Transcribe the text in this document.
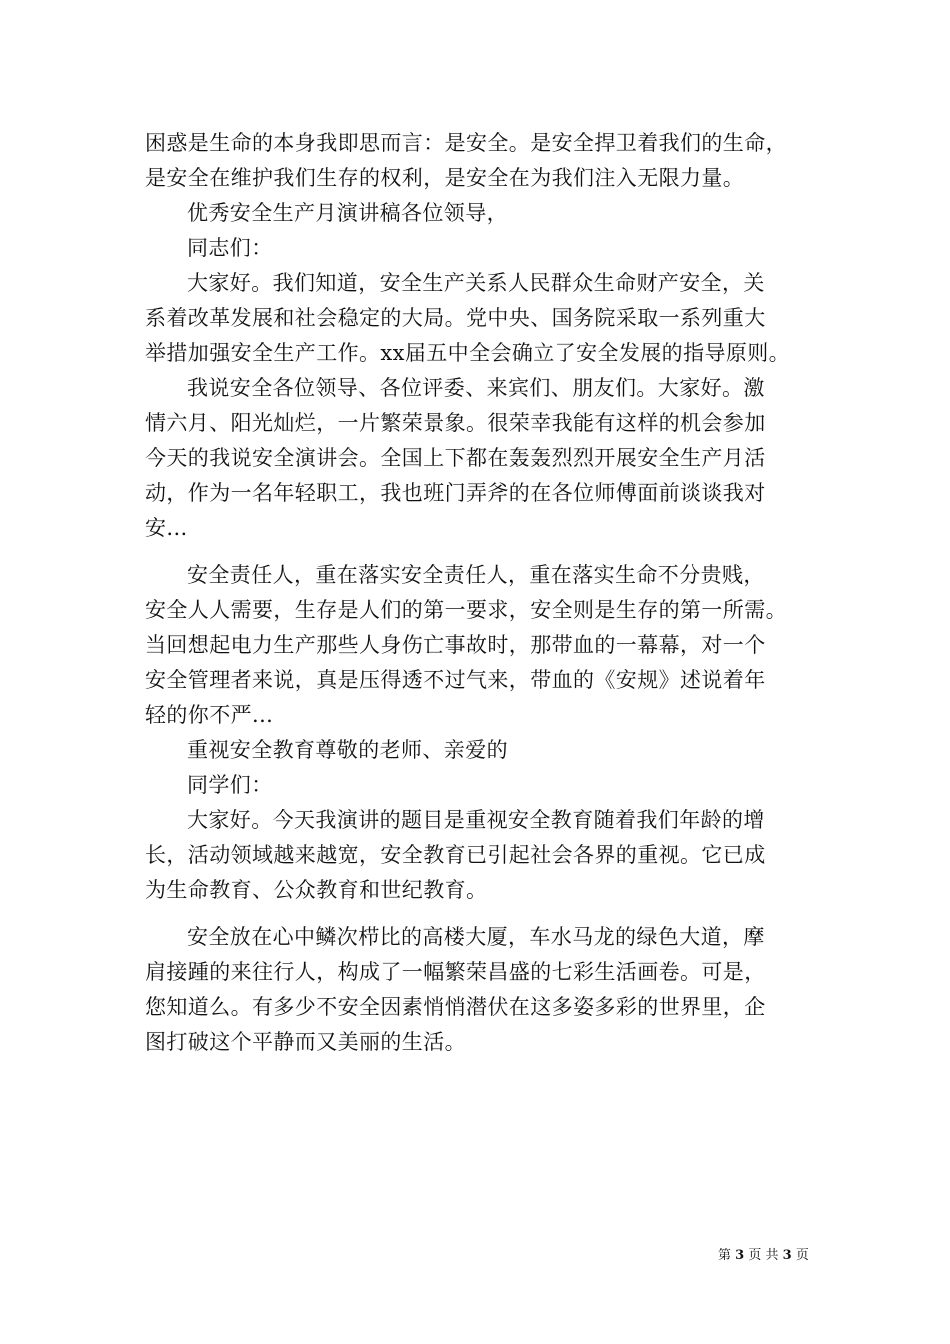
困惑是生命的本身我即思而言：是安全。是安全捍卫着我们的生命，
是安全在维护我们生存的权利，是安全在为我们注入无限力量。
优秀安全生产月演讲稿各位领导，
同志们：
大家好。我们知道，安全生产关系人民群众生命财产安全，关
系着改革发展和社会稳定的大局。党中央、国务院采取一系列重大
举措加强安全生产工作。xx届五中全会确立了安全发展的指导原则。
我说安全各位领导、各位评委、来宾们、朋友们。大家好。激
情六月、阳光灿烂，一片繁荣景象。很荣幸我能有这样的机会参加
今天的我说安全演讲会。全国上下都在轰轰烈烈开展安全生产月活
动，作为一名年轻职工，我也班门弄斧的在各位师傅面前谈谈我对
安...
安全责任人，重在落实安全责任人，重在落实生命不分贵贱，
安全人人需要，生存是人们的第一要求，安全则是生存的第一所需。
当回想起电力生产那些人身伤亡事故时，那带血的一幕幕，对一个
安全管理者来说，真是压得透不过气来，带血的《安规》述说着年
轻的你不严...
重视安全教育尊敬的老师、亲爱的
同学们：
大家好。今天我演讲的题目是重视安全教育随着我们年龄的增
长，活动领域越来越宽，安全教育已引起社会各界的重视。它已成
为生命教育、公众教育和世纪教育。
安全放在心中鳞次栉比的高楼大厦，车水马龙的绿色大道，摩
肩接踵的来往行人，构成了一幅繁荣昌盛的七彩生活画卷。可是，
您知道么。有多少不安全因素悄悄潜伏在这多姿多彩的世界里，企
图打破这个平静而又美丽的生活。
第 3 页 共 3 页
